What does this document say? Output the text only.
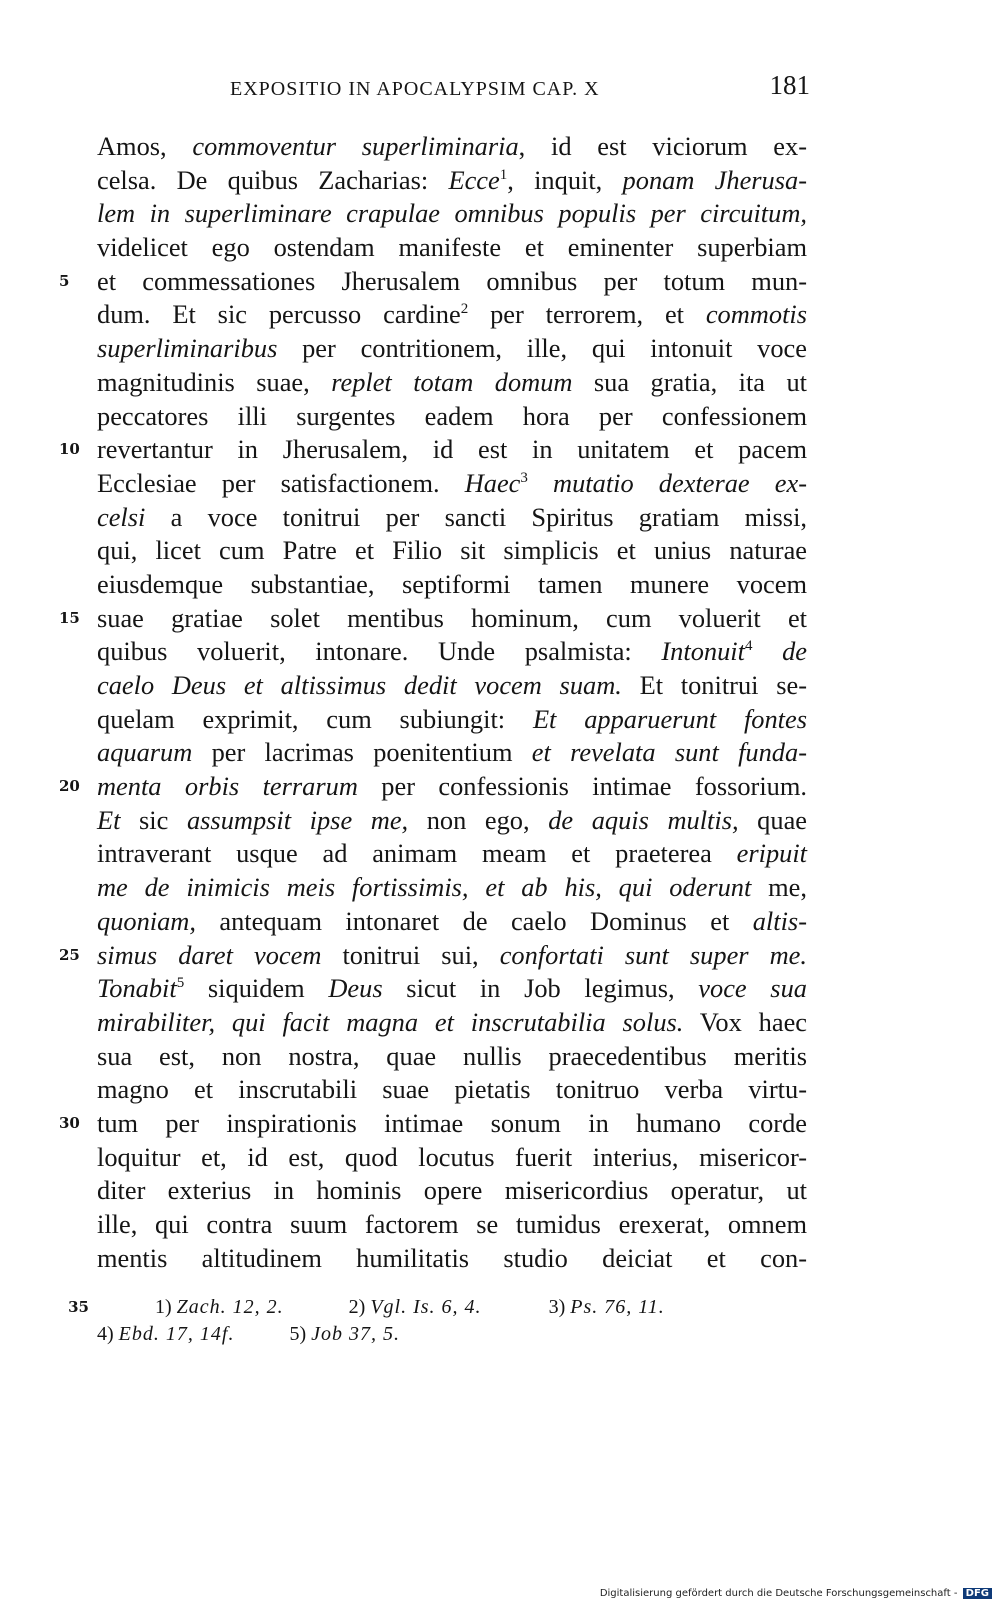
EXPOSITIO IN APOCALYPSIM CAP. X	181
Amos, commoventur superliminaria, id est viciorum ex-
celsa. De quibus Zacharias: Ecce$^1$, inquit, ponam Jherusa-
lem in superliminare crapulae omnibus populis per circuitum,
videlicet ego ostendam manifeste et eminenter superbiam
5	et commessationes Jherusalem omnibus per totum mun-
dum. Et sic percusso cardine$^2$ per terrorem, et commotis
superliminaribus per contritionem, ille, qui intonuit voce
magnitudinis suae, replet totam domum sua gratia, ita ut
peccatores illi surgentes eadem hora per confessionem
10 revertantur in Jherusalem, id est in unitatem et pacem
Ecclesiae per satisfactionem. Haec$^3$ mutatio dexterae ex-
celsi a voce tonitrui per sancti Spiritus gratiam missi,
qui, licet cum Patre et Filio sit simplicis et unius naturae
eiusdemque substantiae, septiformi tamen munere vocem
15 suae gratiae solet mentibus hominum, cum voluerit et
quibus voluerit, intonare. Unde psalmista: Intonuit$^4$ de
caelo Deus et altissimus dedit vocem suam. Et tonitrui se-
quelam exprimit, cum subiungit: Et apparuerunt fontes
aquarum per lacrimas poenitentium et revelata sunt funda-
20 menta orbis terrarum per confessionis intimae fossorium.
Et sic assumpsit ipse me, non ego, de aquis multis, quae
intraverant usque ad animam meam et praeterea eripuit
me de inimicis meis fortissimis, et ab his, qui oderunt me,
quoniam, antequam intonaret de caelo Dominus et altis-
25 simus daret vocem tonitrui sui, confortati sunt super me.
Tonabit$^5$ siquidem Deus sicut in Job legimus, voce sua
mirabiliter, qui facit magna et inscrutabilia solus. Vox haec
sua est, non nostra, quae nullis praecedentibus meritis
magno et inscrutabili suae pietatis tonitruo verba virtu-
30 tum per inspirationis intimae sonum in humano corde
loquitur et, id est, quod locutus fuerit interius, misericor-
diter exterius in hominis opere misericordius operatur, ut
ille, qui contra suum factorem se tumidus erexerat, omnem
mentis altitudinem humilitatis studio deiciat et con-
35	1) Zach. 12, 2.	2) Vgl. Is. 6, 4.	3) Ps. 76, 11.
4) Ebd. 17, 14f.	5) Job 37, 5.
Digitalisierung gefördert durch die Deutsche Forschungsgemeinschaft - DFG
